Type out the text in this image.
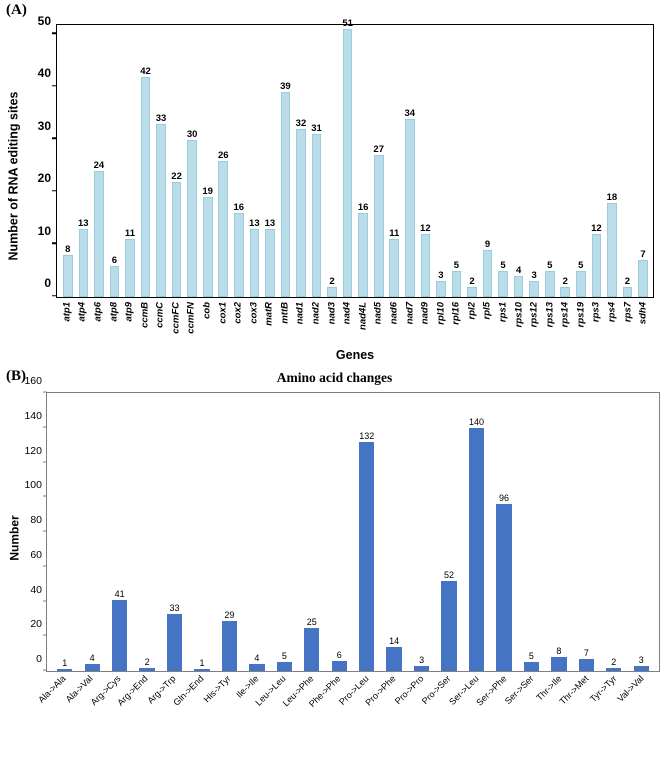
(A)
Number of RNA editing sites
0
10
20
30
40
50
8
13
24
6
11
42
33
22
30
19
26
16
13 13
39
32 31
2
51
16
27
11
34
12
3
5
2
9
5 4 3
5
2
5
12
18
2
7
atp1 atp4 atp6 atp8 atp9 ccmB ccmC ccmFC ccmFN cob cox1 cox2 cox3 matR mttB nad1 nad2 nad3 nad4 nad4L nad5 nad6 nad7 nad9 rpl10 rpl16 rpl2 rpl5 rps1 rps10 rps12 rps13 rps14 rps19 rps3 rps4 rps7 sdh4
Genes
(B)	Amino acid changes
Number
0
20
40
60
80
100
120
140
160
1
4
41
2
33
1
29
4 5
25
6
132
14
3
52
140
96
5
8 7
2 3
Ala->Ala
Ala->Val
Arg->Cys
Arg->End
Arg->Trp
Gln->End
His->Tyr Ile->Ile
Leu->Leu
Leu->Phe
Phe->Phe
Pro->Leu
Pro->Phe
Pro->Pro
Pro->Ser
Ser->Leu
Ser->Phe
Ser->Ser
Thr->Ile
Thr->Met
Tyr->Tyr
Val->Val
